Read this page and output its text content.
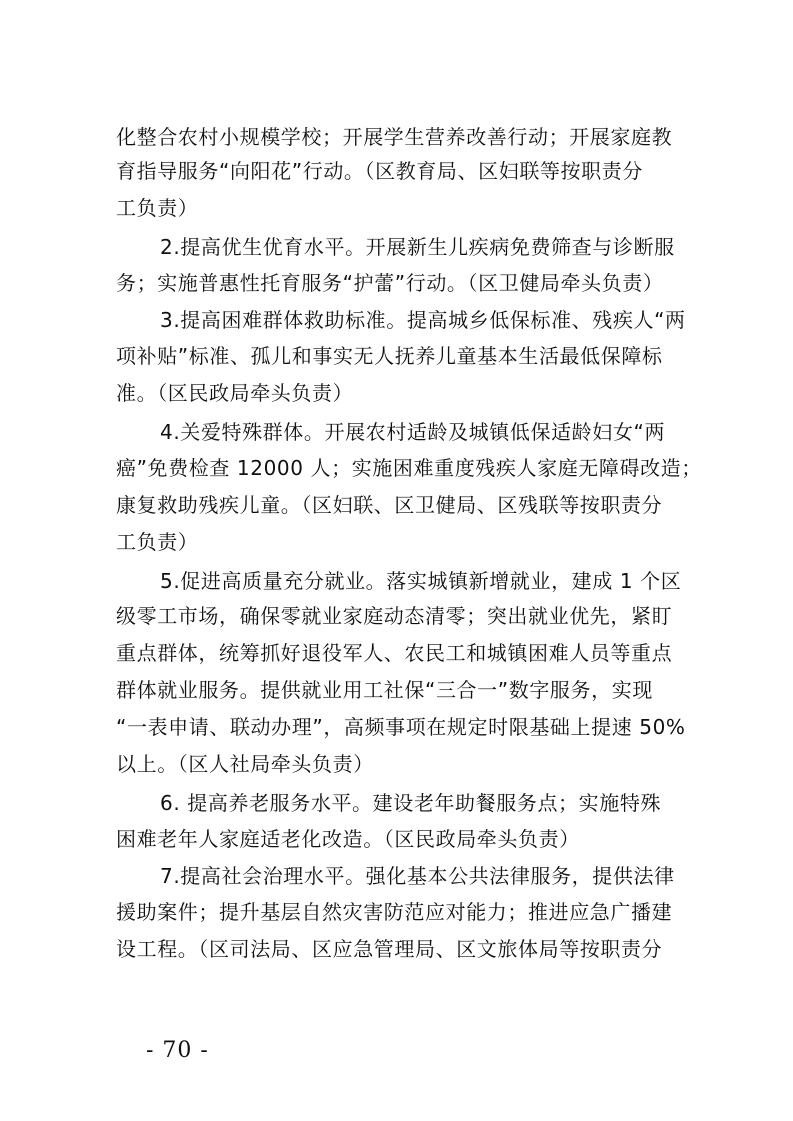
化整合农村小规模学校；开展学生营养改善行动；开展家庭教
育指导服务“向阳花”行动。（区教育局、区妇联等按职责分
工负责）
2.提高优生优育水平。开展新生儿疾病免费筛查与诊断服
务；实施普惠性托育服务“护蕾”行动。（区卫健局牵头负责）
3.提高困难群体救助标准。提高城乡低保标准、残疾人“两
项补贴”标准、孤儿和事实无人抚养儿童基本生活最低保障标
准。（区民政局牵头负责）
4.关爱特殊群体。开展农村适龄及城镇低保适龄妇女“两
癌”免费检查 12000 人；实施困难重度残疾人家庭无障碍改造；
康复救助残疾儿童。（区妇联、区卫健局、区残联等按职责分
工负责）
5.促进高质量充分就业。落实城镇新增就业，建成 1 个区
级零工市场，确保零就业家庭动态清零；突出就业优先，紧盯
重点群体，统筹抓好退役军人、农民工和城镇困难人员等重点
群体就业服务。提供就业用工社保“三合一”数字服务，实现
“一表申请、联动办理”，高频事项在规定时限基础上提速 50%
以上。（区人社局牵头负责）
6. 提高养老服务水平。建设老年助餐服务点；实施特殊
困难老年人家庭适老化改造。（区民政局牵头负责）
7.提高社会治理水平。强化基本公共法律服务，提供法律
援助案件；提升基层自然灾害防范应对能力；推进应急广播建
设工程。（区司法局、区应急管理局、区文旅体局等按职责分
- 70 -
